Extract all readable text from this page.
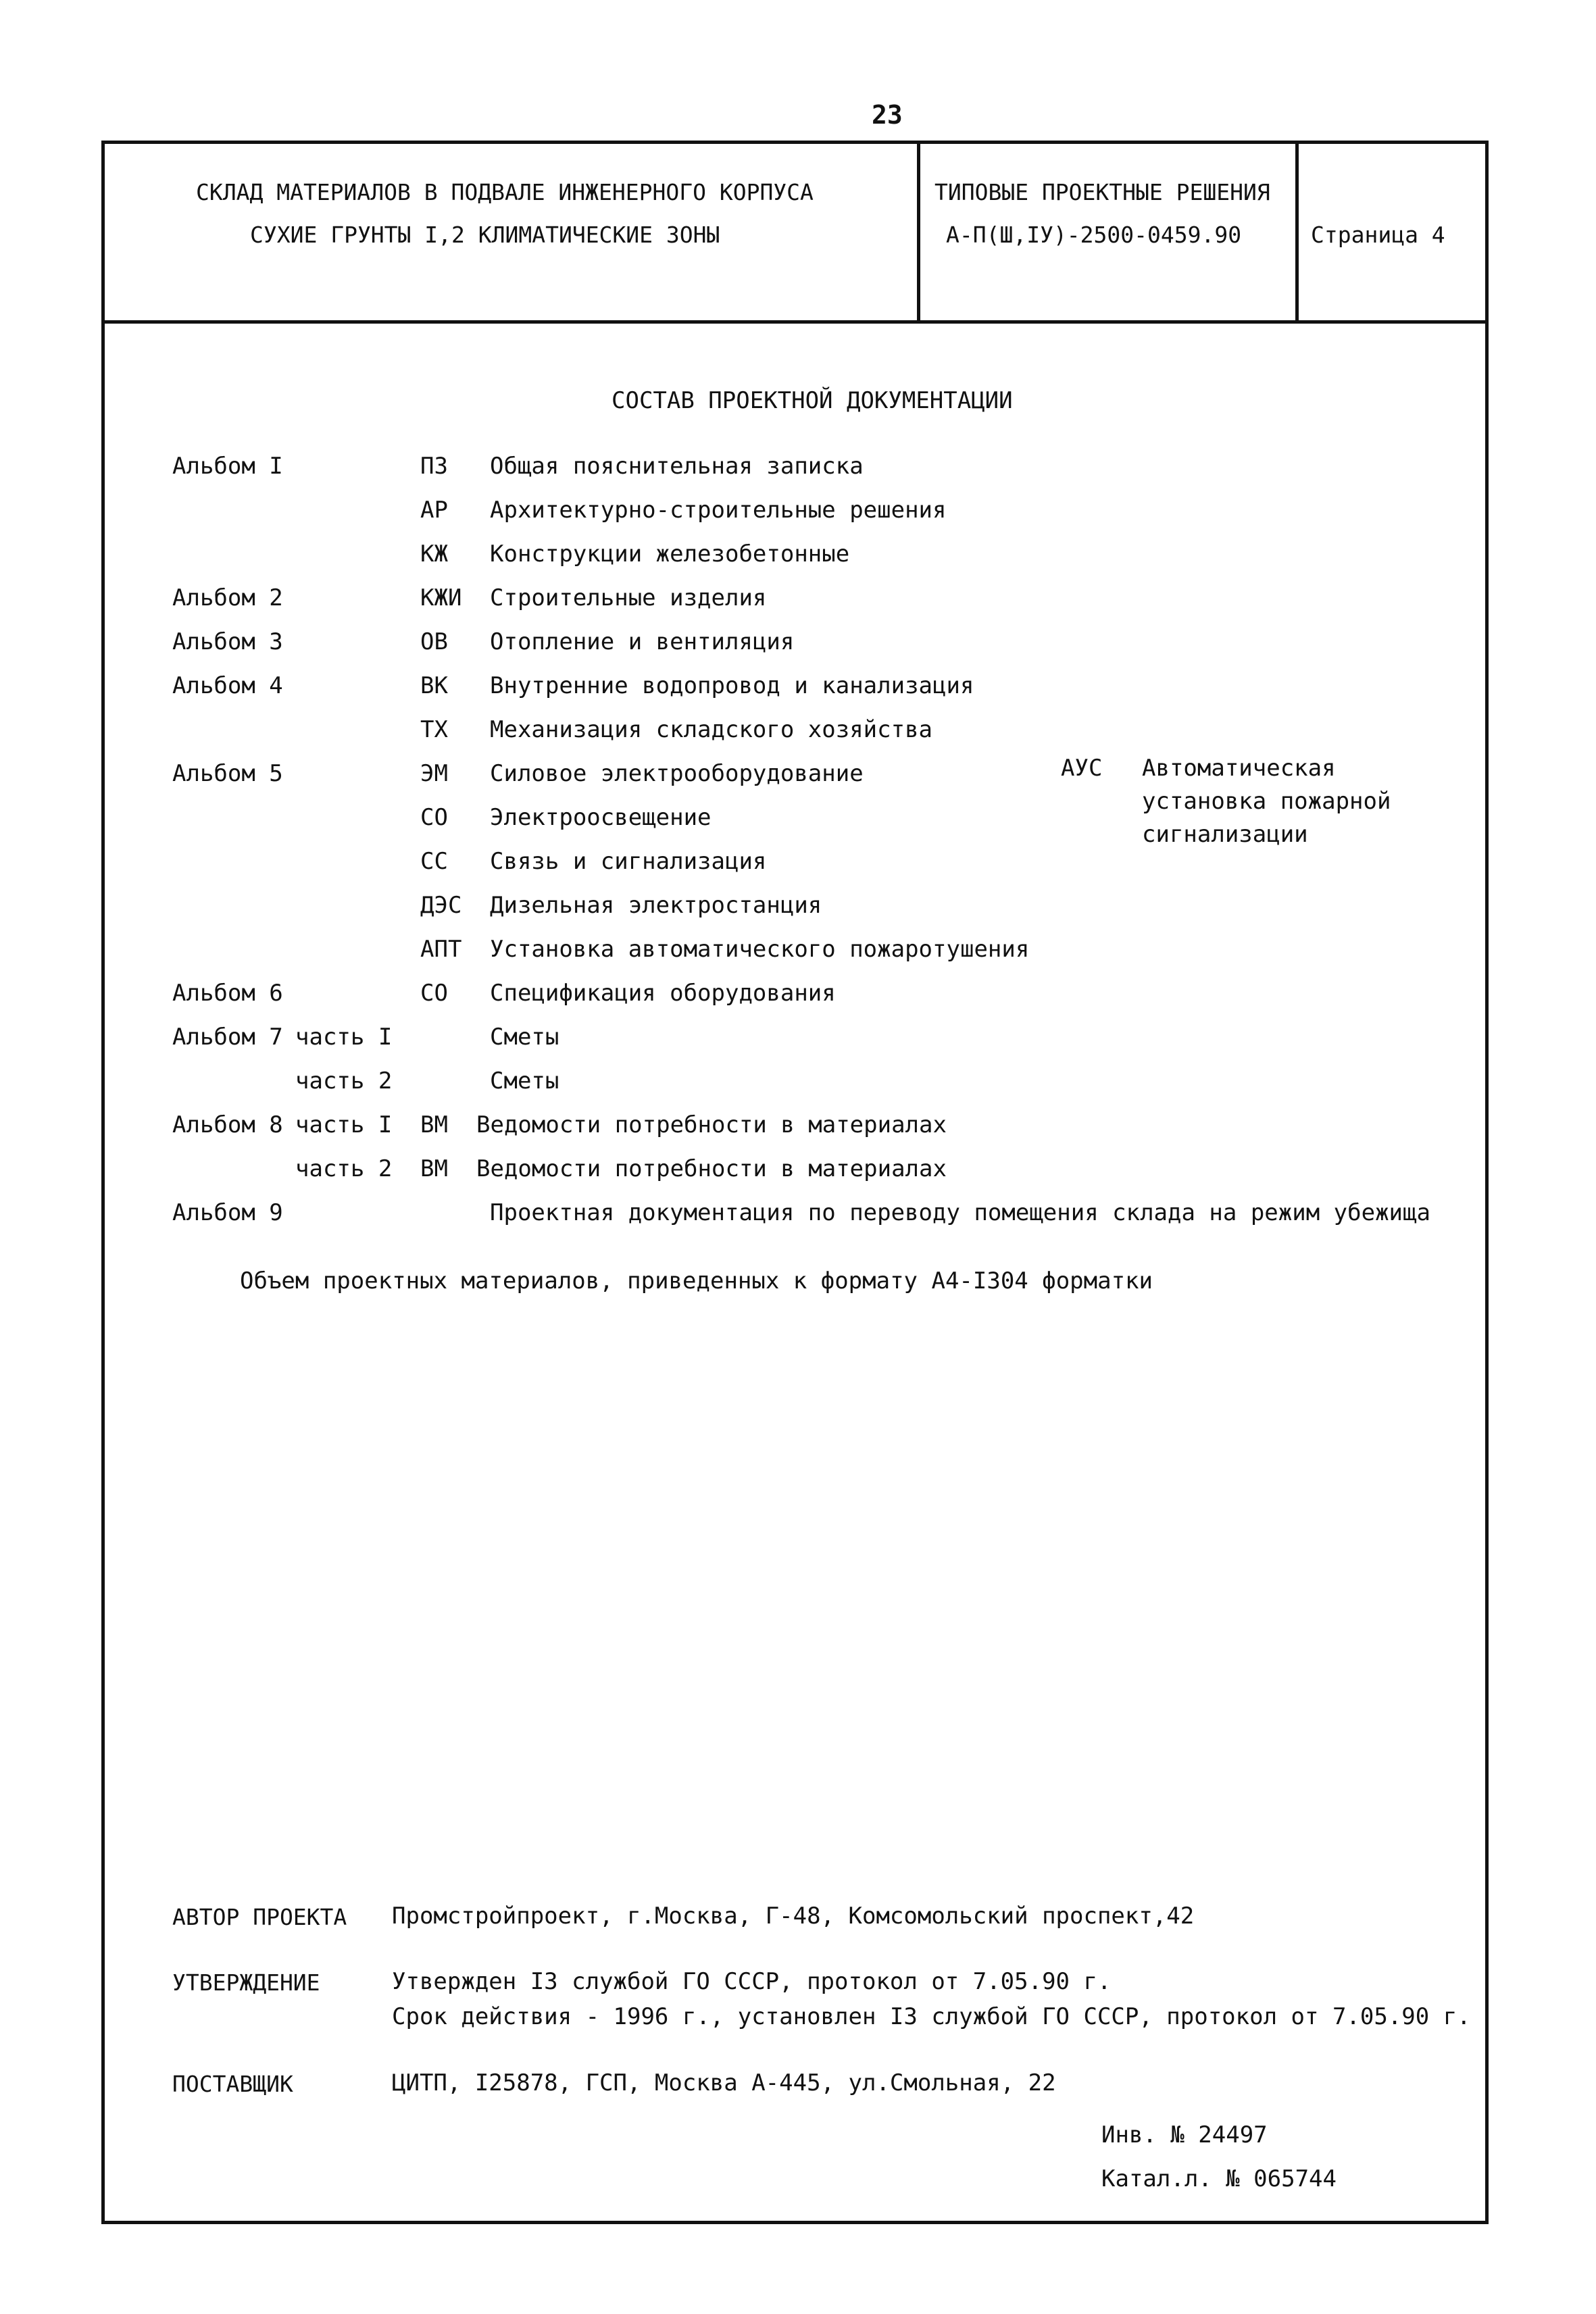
23
СКЛАД МАТЕРИАЛОВ В ПОДВАЛЕ ИНЖЕНЕРНОГО КОРПУСА
СУХИЕ ГРУНТЫ I,2 КЛИМАТИЧЕСКИЕ ЗОНЫ
ТИПОВЫЕ ПРОЕКТНЫЕ РЕШЕНИЯ
А-П(Ш,IУ)-2500-0459.90	Страница 4
СОСТАВ ПРОЕКТНОЙ ДОКУМЕНТАЦИИ
Альбом I	ПЗ Общая пояснительная записка
АР Архитектурно-строительные решения
КЖ Конструкции железобетонные
Альбом 2	КЖИ Строительные изделия
Альбом 3	ОВ Отопление и вентиляция
Альбом 4	ВК Внутренние водопровод и канализация
ТХ Механизация складского хозяйства
Альбом 5	ЭМ Силовое электрооборудование
СО Электроосвещение
СС Связь и сигнализация
ДЭС Дизельная электростанция
АПТ Установка автоматического пожаротушения
Альбом 6	СО Спецификация оборудования
Альбом 7 часть I	Сметы
часть 2	Сметы
Альбом 8 часть I ВМ Ведомости потребности в материалах
часть 2 ВМ Ведомости потребности в материалах
Альбом 9	Проектная документация по переводу помещения склада на режим убежища
АУС Автоматическая
установка пожарной
сигнализации
Объем проектных материалов, приведенных к формату А4-I304 форматки
АВТОР ПРОЕКТА Промстройпроект, г.Москва, Г-48, Комсомольский проспект,42
УТВЕРЖДЕНИЕ	Утвержден I3 службой ГО СССР, протокол от 7.05.90 г.
Срок действия - 1996 г., установлен I3 службой ГО СССР, протокол от 7.05.90 г.
ПОСТАВЩИК	ЦИТП, I25878, ГСП, Москва А-445, ул.Смольная, 22
Инв. № 24497
Катал.л. № 065744
